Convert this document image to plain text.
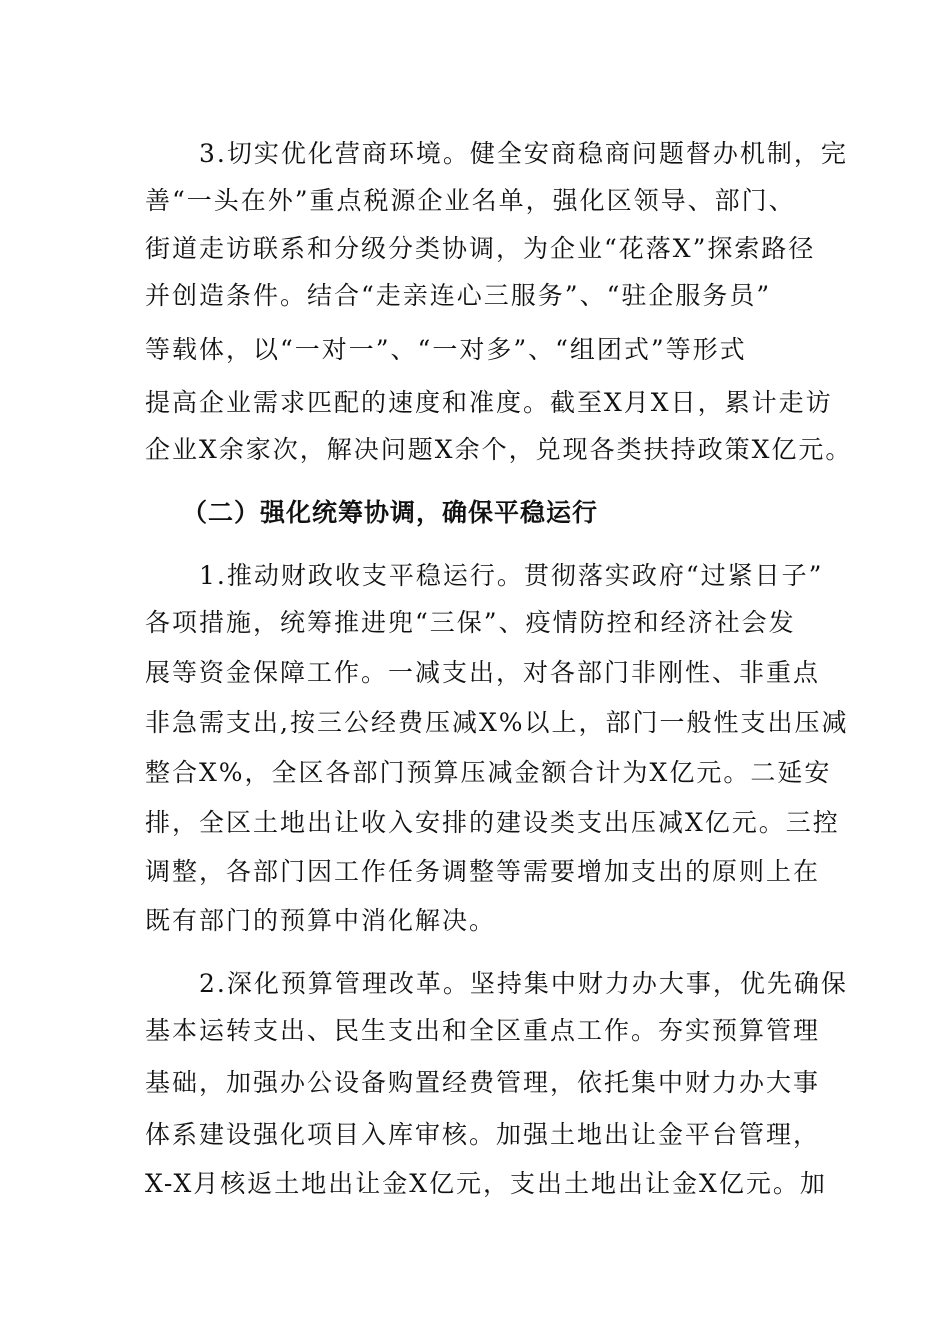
　　3.切实优化营商环境。健全安商稳商问题督办机制，完
善“一头在外”重点税源企业名单，强化区领导、部门、
街道走访联系和分级分类协调，为企业“花落X”探索路径
并创造条件。结合“走亲连心三服务”、“驻企服务员”
等载体，以“一对一”、“一对多”、“组团式”等形式
提高企业需求匹配的速度和准度。截至X月X日，累计走访
企业X余家次，解决问题X余个，兑现各类扶持政策X亿元。
（二）强化统筹协调，确保平稳运行
　　1.推动财政收支平稳运行。贯彻落实政府“过紧日子”
各项措施，统筹推进兜“三保”、疫情防控和经济社会发
展等资金保障工作。一减支出，对各部门非刚性、非重点
非急需支出,按三公经费压减X%以上，部门一般性支出压减
整合X%，全区各部门预算压减金额合计为X亿元。二延安
排，全区土地出让收入安排的建设类支出压减X亿元。三控
调整，各部门因工作任务调整等需要增加支出的原则上在
既有部门的预算中消化解决。
　　2.深化预算管理改革。坚持集中财力办大事，优先确保
基本运转支出、民生支出和全区重点工作。夯实预算管理
基础，加强办公设备购置经费管理，依托集中财力办大事
体系建设强化项目入库审核。加强土地出让金平台管理，
X-X月核返土地出让金X亿元，支出土地出让金X亿元。加
